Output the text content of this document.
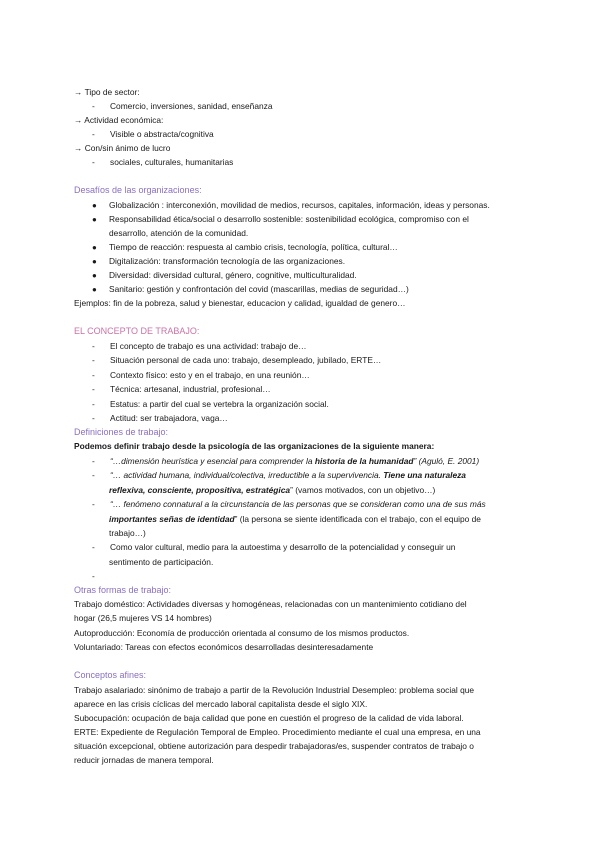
→ Tipo de sector:
- Comercio, inversiones, sanidad, enseñanza
→ Actividad económica:
- Visible o abstracta/cognitiva
→ Con/sin ánimo de lucro
- sociales, culturales, humanitarias
Desafíos de las organizaciones:
● Globalización : interconexión, movilidad de medios, recursos, capitales, información, ideas y personas.
● Responsabilidad ética/social o desarrollo sostenible: sostenibilidad ecológica, compromiso con el
desarrollo, atención de la comunidad.
● Tiempo de reacción: respuesta al cambio crisis, tecnología, política, cultural…
● Digitalización: transformación tecnología de las organizaciones.
● Diversidad: diversidad cultural, género, cognitive, multiculturalidad.
● Sanitario: gestión y confrontación del covid (mascarillas, medias de seguridad…)
Ejemplos: fin de la pobreza, salud y bienestar, educacion y calidad, igualdad de genero…
EL CONCEPTO DE TRABAJO:
- El concepto de trabajo es una actividad: trabajo de…
- Situación personal de cada uno: trabajo, desempleado, jubilado, ERTE…
- Contexto físico: esto y en el trabajo, en una reunión…
- Técnica: artesanal, industrial, profesional…
- Estatus: a partir del cual se vertebra la organización social.
- Actitud: ser trabajadora, vaga…
Definiciones de trabajo:
Podemos definir trabajo desde la psicología de las organizaciones de la siguiente manera:
- “…dimensión heurística y esencial para comprender la historia de la humanidad” (Aguló, E. 2001)
- “… actividad humana, individual/colectiva, irreductible a la supervivencia. Tiene una naturaleza
reflexiva, consciente, propositiva, estratégica” (vamos motivados, con un objetivo…)
- “… fenómeno connatural a la circunstancia de las personas que se consideran como una de sus más
importantes señas de identidad” (la persona se siente identificada con el trabajo, con el equipo de
trabajo…)
- Como valor cultural, medio para la autoestima y desarrollo de la potencialidad y conseguir un
sentimento de participación.
-
Otras formas de trabajo:
Trabajo doméstico: Actividades diversas y homogéneas, relacionadas con un mantenimiento cotidiano del
hogar (26,5 mujeres VS 14 hombres)
Autoproducción: Economía de producción orientada al consumo de los mismos productos.
Voluntariado: Tareas con efectos económicos desarrolladas desinteresadamente
Conceptos afines:
Trabajo asalariado: sinónimo de trabajo a partir de la Revolución Industrial Desempleo: problema social que
aparece en las crisis cíclicas del mercado laboral capitalista desde el siglo XIX.
Subocupación: ocupación de baja calidad que pone en cuestión el progreso de la calidad de vida laboral.
ERTE: Expediente de Regulación Temporal de Empleo. Procedimiento mediante el cual una empresa, en una
situación excepcional, obtiene autorización para despedir trabajadoras/es, suspender contratos de trabajo o
reducir jornadas de manera temporal.
